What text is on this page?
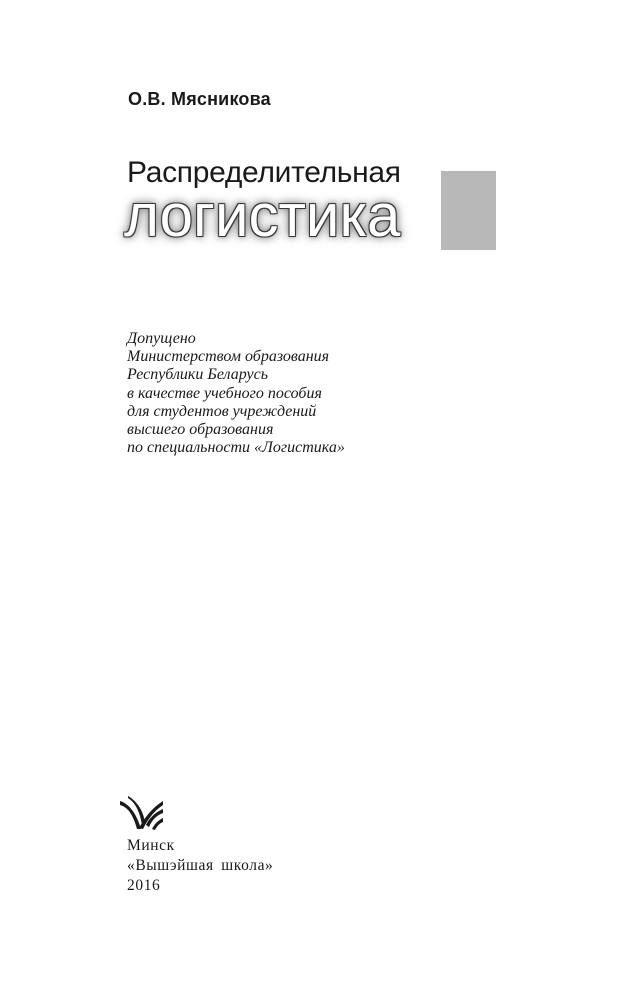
О.В. Мясникова

Распределительная

логистика

Допущено
Министерством образования
Республики Беларусь
в качестве учебного пособия
для студентов учреждений
высшего образования
по специальности «Логистика»
Минск
«Вышэйшая школа»
2016
